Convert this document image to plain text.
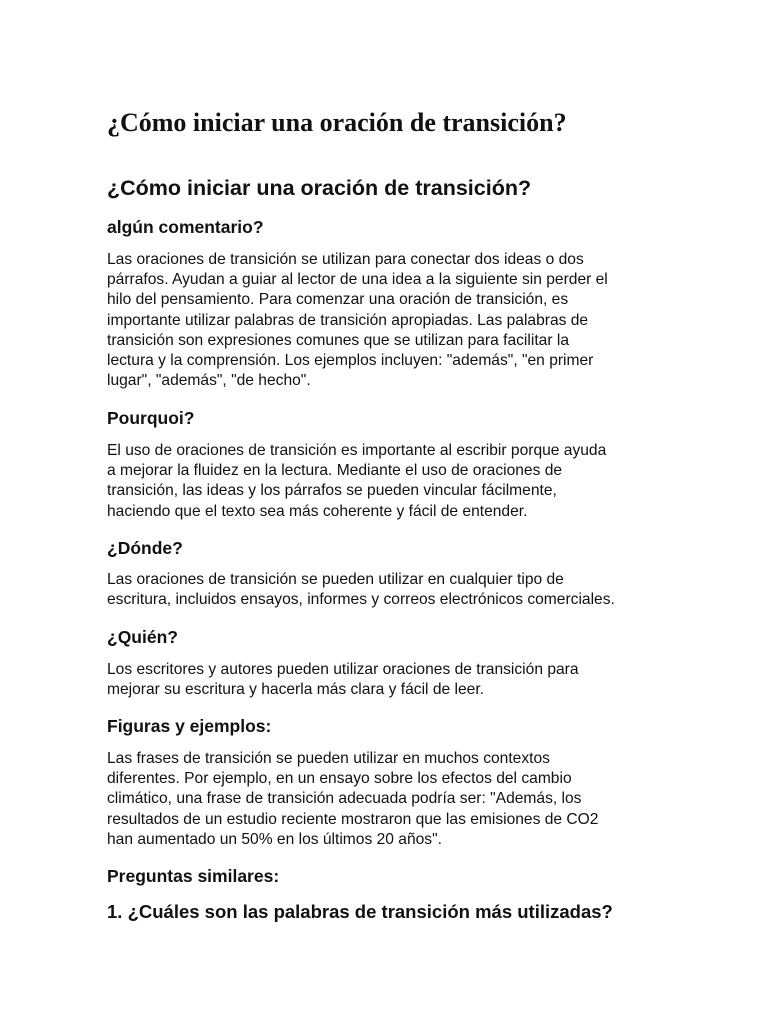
¿Cómo iniciar una oración de transición?
¿Cómo iniciar una oración de transición?
algún comentario?

Las oraciones de transición se utilizan para conectar dos ideas o dos
párrafos. Ayudan a guiar al lector de una idea a la siguiente sin perder el
hilo del pensamiento. Para comenzar una oración de transición, es
importante utilizar palabras de transición apropiadas. Las palabras de
transición son expresiones comunes que se utilizan para facilitar la
lectura y la comprensión. Los ejemplos incluyen: "además", "en primer
lugar", "además", "de hecho".

Pourquoi?

El uso de oraciones de transición es importante al escribir porque ayuda
a mejorar la fluidez en la lectura. Mediante el uso de oraciones de
transición, las ideas y los párrafos se pueden vincular fácilmente,
haciendo que el texto sea más coherente y fácil de entender.

¿Dónde?

Las oraciones de transición se pueden utilizar en cualquier tipo de
escritura, incluidos ensayos, informes y correos electrónicos comerciales.

¿Quién?

Los escritores y autores pueden utilizar oraciones de transición para
mejorar su escritura y hacerla más clara y fácil de leer.

Figuras y ejemplos:

Las frases de transición se pueden utilizar en muchos contextos
diferentes. Por ejemplo, en un ensayo sobre los efectos del cambio
climático, una frase de transición adecuada podría ser: "Además, los
resultados de un estudio reciente mostraron que las emisiones de CO2
han aumentado un 50% en los últimos 20 años".

Preguntas similares:
1. ¿Cuáles son las palabras de transición más utilizadas?
